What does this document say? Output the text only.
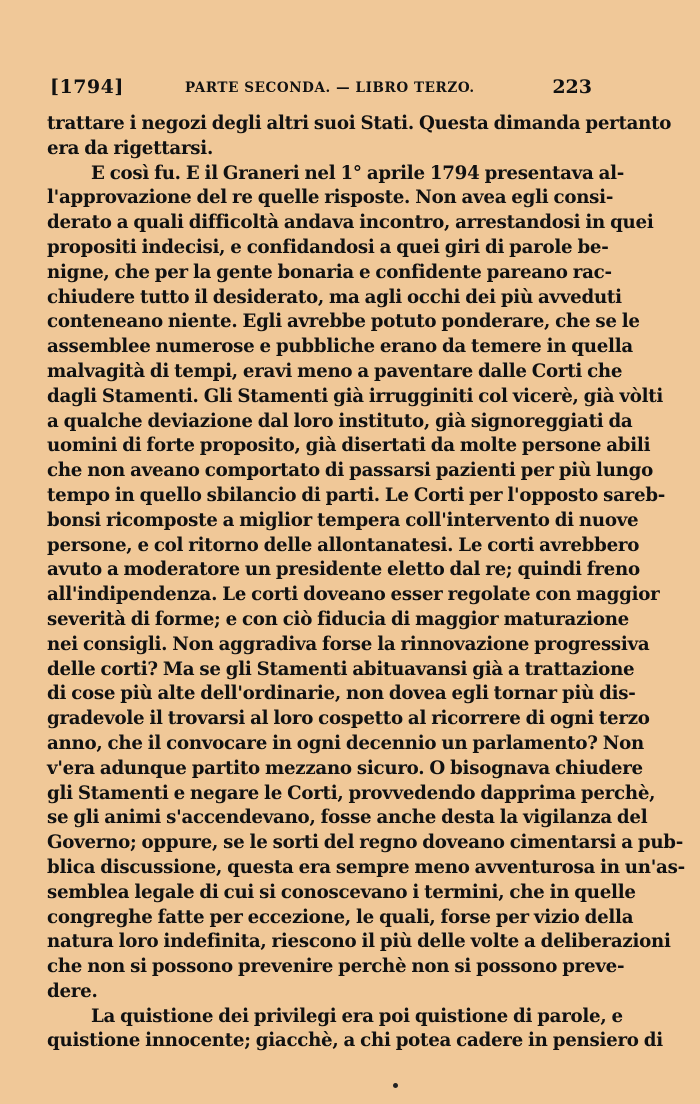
[1794]	PARTE SECONDA. — LIBRO TERZO.	223
trattare i negozi degli altri suoi Stati. Questa dimanda pertanto
era da rigettarsi.
E così fu. E il Graneri nel 1° aprile 1794 presentava al-
l'approvazione del re quelle risposte. Non avea egli consi-
derato a quali difficoltà andava incontro, arrestandosi in quei
propositi indecisi, e confidandosi a quei giri di parole be-
nigne, che per la gente bonaria e confidente pareano rac-
chiudere tutto il desiderato, ma agli occhi dei più avveduti
conteneano niente. Egli avrebbe potuto ponderare, che se le
assemblee numerose e pubbliche erano da temere in quella
malvagità di tempi, eravi meno a paventare dalle Corti che
dagli Stamenti. Gli Stamenti già irrugginiti col vicerè, già vòlti
a qualche deviazione dal loro instituto, già signoreggiati da
uomini di forte proposito, già disertati da molte persone abili
che non aveano comportato di passarsi pazienti per più lungo
tempo in quello sbilancio di parti. Le Corti per l'opposto sareb-
bonsi ricomposte a miglior tempera coll'intervento di nuove
persone, e col ritorno delle allontanatesi. Le corti avrebbero
avuto a moderatore un presidente eletto dal re; quindi freno
all'indipendenza. Le corti doveano esser regolate con maggior
severità di forme; e con ciò fiducia di maggior maturazione
nei consigli. Non aggradiva forse la rinnovazione progressiva
delle corti? Ma se gli Stamenti abituavansi già a trattazione
di cose più alte dell'ordinarie, non dovea egli tornar più dis-
gradevole il trovarsi al loro cospetto al ricorrere di ogni terzo
anno, che il convocare in ogni decennio un parlamento? Non
v'era adunque partito mezzano sicuro. O bisognava chiudere
gli Stamenti e negare le Corti, provvedendo dapprima perchè,
se gli animi s'accendevano, fosse anche desta la vigilanza del
Governo; oppure, se le sorti del regno doveano cimentarsi a pub-
blica discussione, questa era sempre meno avventurosa in un'as-
semblea legale di cui si conoscevano i termini, che in quelle
congreghe fatte per eccezione, le quali, forse per vizio della
natura loro indefinita, riescono il più delle volte a deliberazioni
che non si possono prevenire perchè non si possono preve-
dere.
La quistione dei privilegi era poi quistione di parole, e
quistione innocente; giacchè, a chi potea cadere in pensiero di
